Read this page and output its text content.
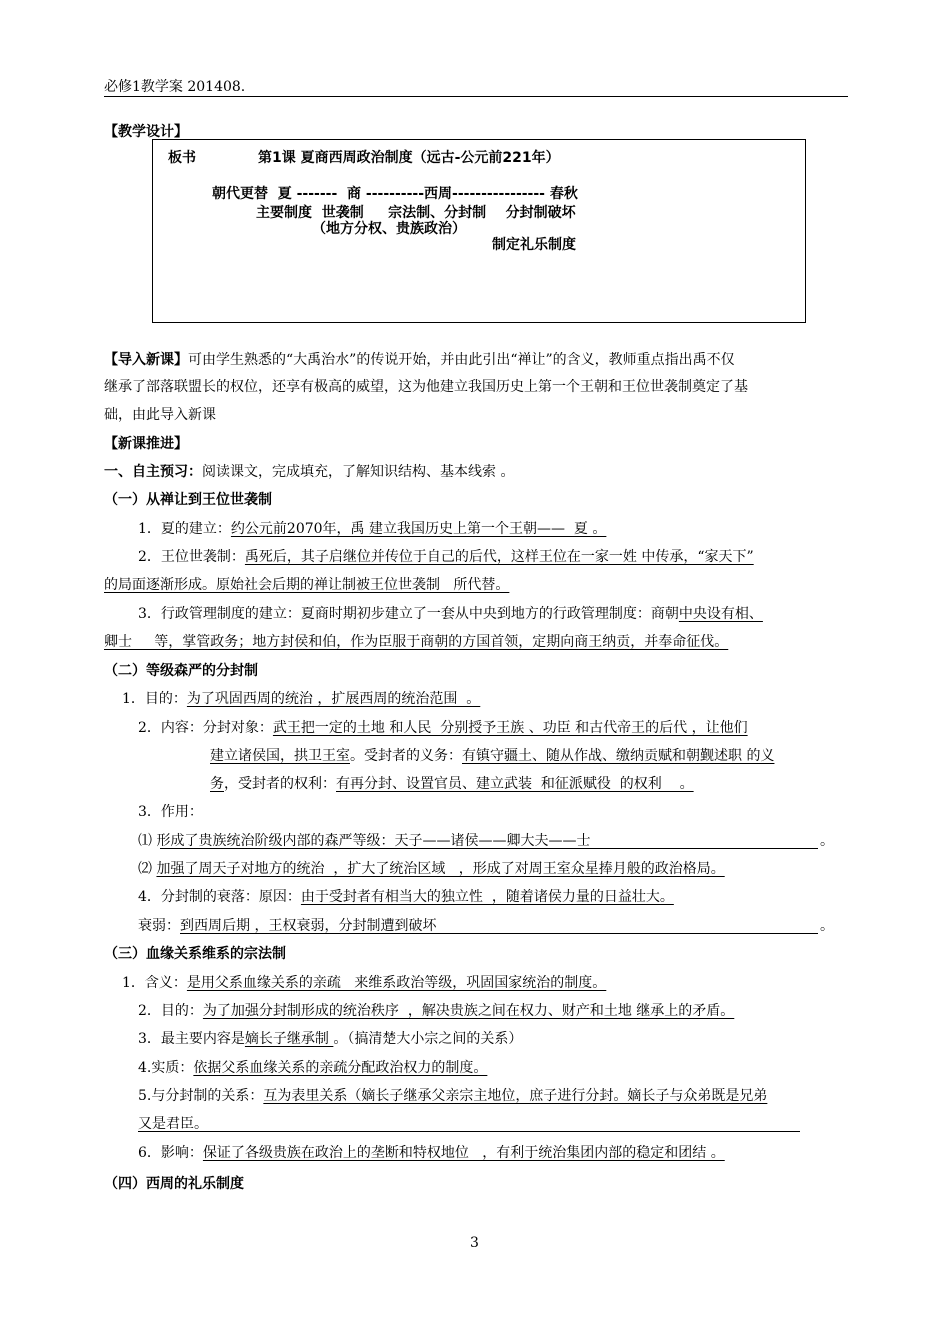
必修1教学案 201408.
【教学设计】
板书	第1课 夏商西周政治制度（远古-公元前221年）
朝代更替  夏 -------  商 ----------西周---------------- 春秋
主要制度  世袭制     宗法制、分封制    分封制破坏
（地方分权、贵族政治）
制定礼乐制度
【导入新课】可由学生熟悉的“大禹治水”的传说开始，并由此引出“禅让”的含义，教师重点指出禹不仅
继承了部落联盟长的权位，还享有极高的威望，这为他建立我国历史上第一个王朝和王位世袭制奠定了基
础，由此导入新课
【新课推进】
一、自主预习：阅读课文，完成填充，了解知识结构、基本线索 。
（一）从禅让到王位世袭制
1．夏的建立：约公元前2070年，禹 建立我国历史上第一个王朝——  夏 。
2．王位世袭制：禹死后，其子启继位并传位于自己的后代，这样王位在一家一姓 中传承，“家天下”
的局面逐渐形成。原始社会后期的禅让制被王位世袭制   所代替。
3．行政管理制度的建立：夏商时期初步建立了一套从中央到地方的行政管理制度：商朝中央设有相、
卿士     等，掌管政务；地方封侯和伯，作为臣服于商朝的方国首领，定期向商王纳贡，并奉命征伐。
（二）等级森严的分封制
1．目的：为了巩固西周的统治 ，扩展西周的统治范围  。
2．内容：分封对象：武王把一定的土地 和人民  分别授予王族 、功臣 和古代帝王的后代 ，让他们
建立诸侯国，拱卫王室。受封者的义务：有镇守疆土、随从作战、缴纳贡赋和朝觐述职 的义
务，受封者的权利：有再分封、设置官员、建立武装  和征派赋役  的权利    。
3．作用：
⑴ 形成了贵族统治阶级内部的森严等级：天子——诸侯——卿大夫——士	。
⑵ 加强了周天子对地方的统治  ，扩大了统治区域   ，形成了对周王室众星捧月般的政治格局。
4．分封制的衰落：原因：由于受封者有相当大的独立性  ，随着诸侯力量的日益壮大。
衰弱：到西周后期 ，王权衰弱，分封制遭到破坏	。
（三）血缘关系维系的宗法制
1．含义：是用父系血缘关系的亲疏   来维系政治等级，巩固国家统治的制度。
2．目的：为了加强分封制形成的统治秩序  ，解决贵族之间在权力、财产和土地 继承上的矛盾。
3．最主要内容是嫡长子继承制 。（搞清楚大小宗之间的关系）
4.实质：依据父系血缘关系的亲疏分配政治权力的制度。
5.与分封制的关系：互为表里关系（嫡长子继承父亲宗主地位，庶子进行分封。嫡长子与众弟既是兄弟
又是君臣。
6．影响：保证了各级贵族在政治上的垄断和特权地位   ，有利于统治集团内部的稳定和团结 。
（四）西周的礼乐制度
3
